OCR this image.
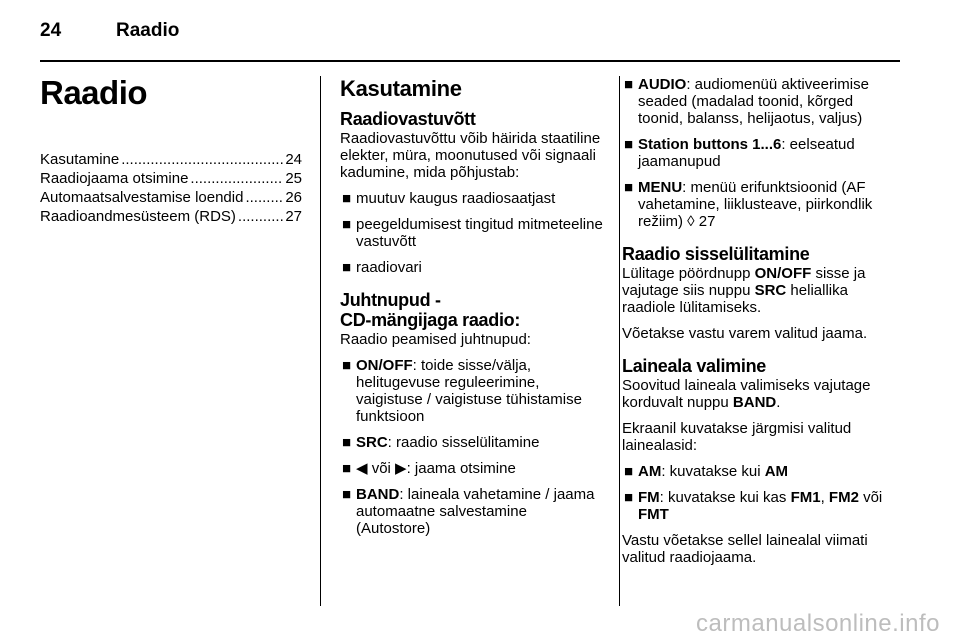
24	Raadio
Raadio
Kasutamine .....	24
Raadiojaama otsimine .....	25
Automaatsalvestamise loendid .....	26
Raadioandmesüsteem (RDS) .....	27
Kasutamine
Raadiovastuvõtt
Raadiovastuvõttu võib häirida staatiline elekter, müra, moonutused või signaali kadumine, mida põhjustab:
■ muutuv kaugus raadiosaatjast
■ peegeldumisest tingitud mitmeteeline vastuvõtt
■ raadiovari
Juhtnupud -
CD-mängijaga raadio:
Raadio peamised juhtnupud:
■ ON/OFF: toide sisse/välja, helitugevuse reguleerimine, vaigistuse / vaigistuse tühistamise funktsioon
■ SRC: raadio sisselülitamine
■ ◀ või ▶: jaama otsimine
■ BAND: laineala vahetamine / jaama automaatne salvestamine (Autostore)
■ AUDIO: audiomenüü aktiveerimise seaded (madalad toonid, kõrged toonid, balanss, helijaotus, valjus)
■ Station buttons 1...6: eelseatud jaamanupud
■ MENU: menüü erifunktsioonid (AF vahetamine, liiklusteave, piirkondlik režiim) ◊ 27
Raadio sisselülitamine
Lülitage pöördnupp ON/OFF sisse ja vajutage siis nuppu SRC heliallika raadiole lülitamiseks.
Võetakse vastu varem valitud jaama.
Laineala valimine
Soovitud laineala valimiseks vajutage korduvalt nuppu BAND.
Ekraanil kuvatakse järgmisi valitud lainealasid:
■ AM: kuvatakse kui AM
■ FM: kuvatakse kui kas FM1, FM2 või FMT
Vastu võetakse sellel lainealal viimati valitud raadiojaama.
carmanualsonline.info
